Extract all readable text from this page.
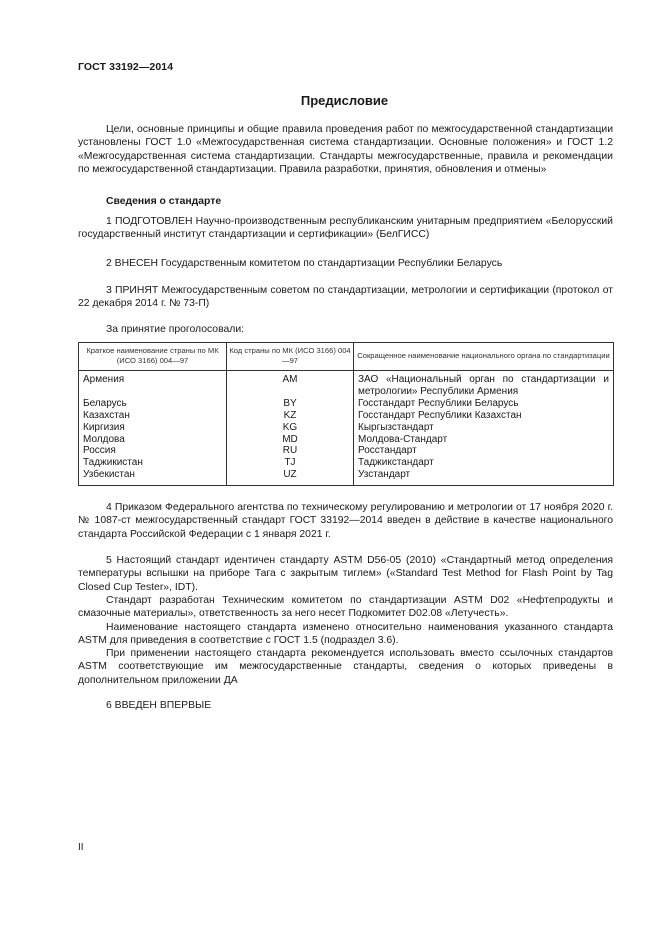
ГОСТ 33192—2014
Предисловие

Цели, основные принципы и общие правила проведения работ по межгосударственной стандартизации установлены ГОСТ 1.0 «Межгосударственная система стандартизации. Основные положения» и ГОСТ 1.2 «Межгосударственная система стандартизации. Стандарты межгосударственные, правила и рекомендации по межгосударственной стандартизации. Правила разработки, принятия, обновления и отмены»

Сведения о стандарте

1 ПОДГОТОВЛЕН Научно-производственным республиканским унитарным предприятием «Белорусский государственный институт стандартизации и сертификации» (БелГИСС)

2 ВНЕСЕН Государственным комитетом по стандартизации Республики Беларусь

3 ПРИНЯТ Межгосударственным советом по стандартизации, метрологии и сертификации (протокол от 22 декабря 2014 г. № 73-П)

За принятие проголосовали:
Краткое наименование страны по МК (ИСО 3166) 004—97	Код страны по МК (ИСО 3166) 004—97	Сокращенное наименование национального органа по стандартизации
Армения	AM	ЗАО «Национальный орган по стандартизации и метрологии» Республики Армения
Беларусь	BY	Госстандарт Республики Беларусь
Казахстан	KZ	Госстандарт Республики Казахстан
Киргизия	KG	Кыргызстандарт
Молдова	MD	Молдова-Стандарт
Россия	RU	Росстандарт
Таджикистан	TJ	Таджикстандарт
Узбекистан	UZ	Узстандарт

4 Приказом Федерального агентства по техническому регулированию и метрологии от 17 ноября 2020 г. № 1087-ст межгосударственный стандарт ГОСТ 33192—2014 введен в действие в качестве национального стандарта Российской Федерации с 1 января 2021 г.

5 Настоящий стандарт идентичен стандарту ASTM D56-05 (2010) «Стандартный метод определения температуры вспышки на приборе Тага с закрытым тиглем» («Standard Test Method for Flash Point by Tag Closed Cup Tester», IDT).

Стандарт разработан Техническим комитетом по стандартизации ASTM D02 «Нефтепродукты и смазочные материалы», ответственность за него несет Подкомитет D02.08 «Летучесть».

Наименование настоящего стандарта изменено относительно наименования указанного стандарта ASTM для приведения в соответствие с ГОСТ 1.5 (подраздел 3.6).

При применении настоящего стандарта рекомендуется использовать вместо ссылочных стандартов ASTM соответствующие им межгосударственные стандарты, сведения о которых приведены в дополнительном приложении ДА

6 ВВЕДЕН ВПЕРВЫЕ

II
